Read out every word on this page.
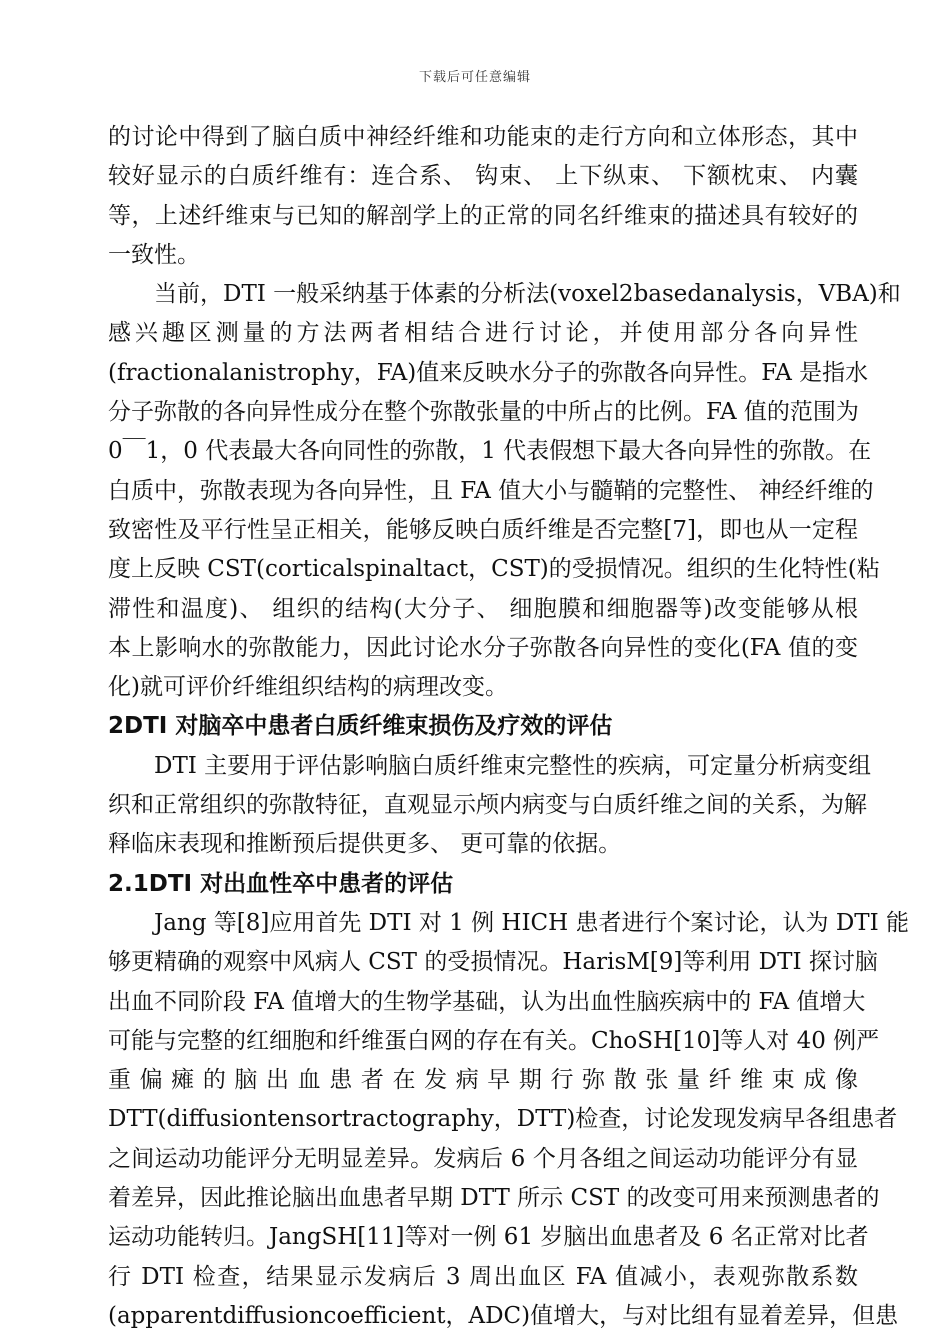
下载后可任意编辑
的讨论中得到了脑白质中神经纤维和功能束的走行方向和立体形态，其中
较好显示的白质纤维有：连合系、 钩束、 上下纵束、 下额枕束、 内囊
等，上述纤维束与已知的解剖学上的正常的同名纤维束的描述具有较好的
一致性。
　　当前，DTI 一般采纳基于体素的分析法(voxel2basedanalysis，VBA)和
感兴趣区测量的方法两者相结合进行讨论，并使用部分各向异性
(fractionalanistrophy，FA)值来反映水分子的弥散各向异性。FA 是指水
分子弥散的各向异性成分在整个弥散张量的中所占的比例。FA 值的范围为
0￣1，0 代表最大各向同性的弥散，1 代表假想下最大各向异性的弥散。在
白质中，弥散表现为各向异性，且 FA 值大小与髓鞘的完整性、 神经纤维的
致密性及平行性呈正相关，能够反映白质纤维是否完整[7]，即也从一定程
度上反映 CST(corticalspinaltact，CST)的受损情况。组织的生化特性(粘
滞性和温度)、 组织的结构(大分子、 细胞膜和细胞器等)改变能够从根
本上影响水的弥散能力，因此讨论水分子弥散各向异性的变化(FA 值的变
化)就可评价纤维组织结构的病理改变。
2DTI 对脑卒中患者白质纤维束损伤及疗效的评估
　　DTI 主要用于评估影响脑白质纤维束完整性的疾病，可定量分析病变组
织和正常组织的弥散特征，直观显示颅内病变与白质纤维之间的关系，为解
释临床表现和推断预后提供更多、 更可靠的依据。
2.1DTI 对出血性卒中患者的评估
　　Jang 等[8]应用首先 DTI 对 1 例 HICH 患者进行个案讨论，认为 DTI 能
够更精确的观察中风病人 CST 的受损情况。HarisM[9]等利用 DTI 探讨脑
出血不同阶段 FA 值增大的生物学基础，认为出血性脑疾病中的 FA 值增大
可能与完整的红细胞和纤维蛋白网的存在有关。ChoSH[10]等人对 40 例严
重偏瘫的脑出血患者在发病早期行弥散张量纤维束成像
DTT(diffusiontensortractography，DTT)检查，讨论发现发病早各组患者
之间运动功能评分无明显差异。发病后 6 个月各组之间运动功能评分有显
着差异，因此推论脑出血患者早期 DTT 所示 CST 的改变可用来预测患者的
运动功能转归。JangSH[11]等对一例 61 岁脑出血患者及 6 名正常对比者
行 DTI 检查，结果显示发病后 3 周出血区 FA 值减小，表观弥散系数
(apparentdiffusioncoefficient，ADC)值增大，与对比组有显着差异，但患
